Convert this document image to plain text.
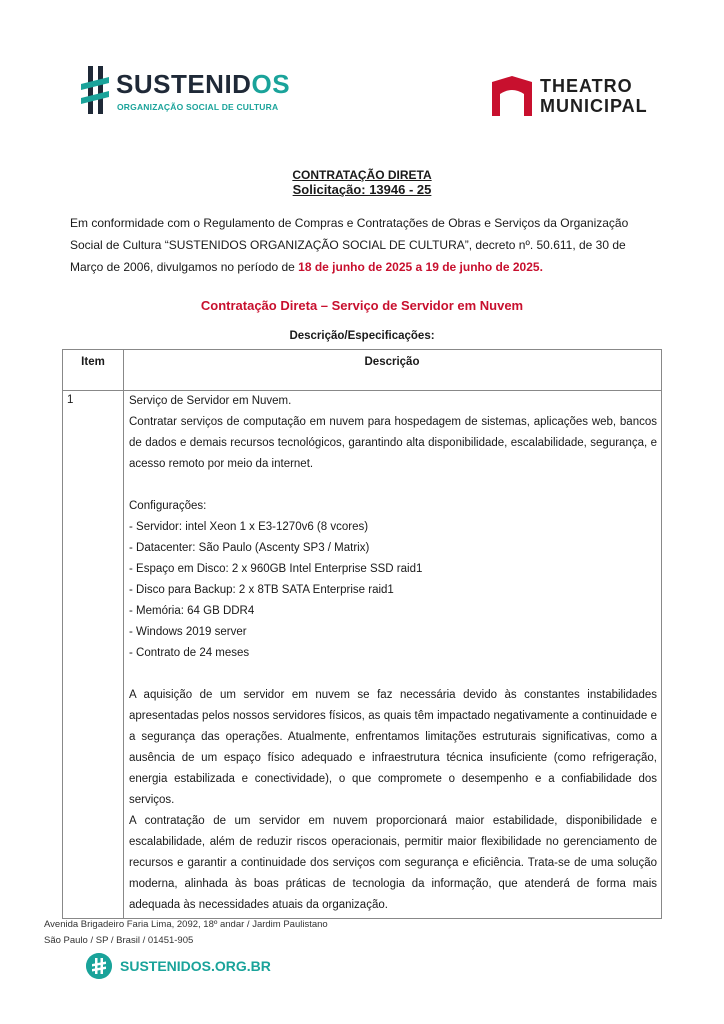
SUSTENIDOS
ORGANIZAÇÃO SOCIAL DE CULTURA
THEATRO
MUNICIPAL
CONTRATAÇÃO DIRETA
Solicitação: 13946 - 25
Em conformidade com o Regulamento de Compras e Contratações de Obras e Serviços da Organização Social de Cultura “SUSTENIDOS ORGANIZAÇÃO SOCIAL DE CULTURA”, decreto nº. 50.611, de 30 de Março de 2006, divulgamos no período de 18 de junho de 2025 a 19 de junho de 2025.
Contratação Direta – Serviço de Servidor em Nuvem
Descrição/Especificações:
Item	Descrição
1	Serviço de Servidor em Nuvem.

Contratar serviços de computação em nuvem para hospedagem de sistemas, aplicações web, bancos de dados e demais recursos tecnológicos, garantindo alta disponibilidade, escalabilidade, segurança, e acesso remoto por meio da internet.

Configurações:

- Servidor: intel Xeon 1 x E3-1270v6 (8 vcores)

- Datacenter: São Paulo (Ascenty SP3 / Matrix)

- Espaço em Disco: 2 x 960GB Intel Enterprise SSD raid1

- Disco para Backup: 2 x 8TB SATA Enterprise raid1

- Memória: 64 GB DDR4

- Windows 2019 server

- Contrato de 24 meses

A aquisição de um servidor em nuvem se faz necessária devido às constantes instabilidades apresentadas pelos nossos servidores físicos, as quais têm impactado negativamente a continuidade e a segurança das operações. Atualmente, enfrentamos limitações estruturais significativas, como a ausência de um espaço físico adequado e infraestrutura técnica insuficiente (como refrigeração, energia estabilizada e conectividade), o que compromete o desempenho e a confiabilidade dos serviços.

A contratação de um servidor em nuvem proporcionará maior estabilidade, disponibilidade e escalabilidade, além de reduzir riscos operacionais, permitir maior flexibilidade no gerenciamento de recursos e garantir a continuidade dos serviços com segurança e eficiência. Trata-se de uma solução moderna, alinhada às boas práticas de tecnologia da informação, que atenderá de forma mais adequada às necessidades atuais da organização.

Avenida Brigadeiro Faria Lima, 2092, 18º andar / Jardim Paulistano
São Paulo / SP / Brasil / 01451-905
SUSTENIDOS.ORG.BR
